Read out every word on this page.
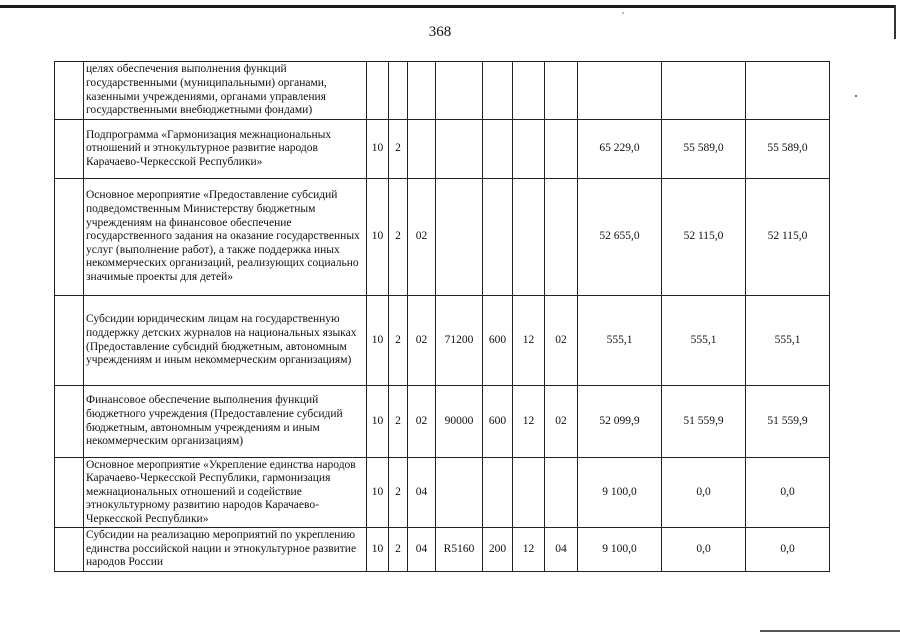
368
	целях обеспечения выполнения функций государственными (муниципальными) органами, казенными учреждениями, органами управления государственными внебюджетными фондами)										
	Подпрограмма «Гармонизация межнациональных отношений и этнокультурное развитие народов Карачаево-Черкесской Республики»	10	2						65 229,0	55 589,0	55 589,0
	Основное мероприятие «Предоставление субсидий подведомственным Министерству бюджетным учреждениям на финансовое обеспечение государственного задания на оказание государственных услуг (выполнение работ), а также поддержка иных некоммерческих организаций, реализующих социально значимые проекты для детей»	10	2	02					52 655,0	52 115,0	52 115,0
	Субсидии юридическим лицам на государственную поддержку детских журналов на национальных языках (Предоставление субсидий бюджетным, автономным учреждениям и иным некоммерческим организациям)	10	2	02	71200	600	12	02	555,1	555,1	555,1
	Финансовое обеспечение выполнения функций бюджетного учреждения (Предоставление субсидий бюджетным, автономным учреждениям и иным некоммерческим организациям)	10	2	02	90000	600	12	02	52 099,9	51 559,9	51 559,9
	Основное мероприятие «Укрепление единства народов Карачаево-Черкесской Республики, гармонизация межнациональных отношений и содействие этнокультурному развитию народов Карачаево-Черкесской Республики»	10	2	04					9 100,0	0,0	0,0
	Субсидии на реализацию мероприятий по укреплению единства российской нации и этнокультурное развитие народов России	10	2	04	R5160	200	12	04	9 100,0	0,0	0,0
